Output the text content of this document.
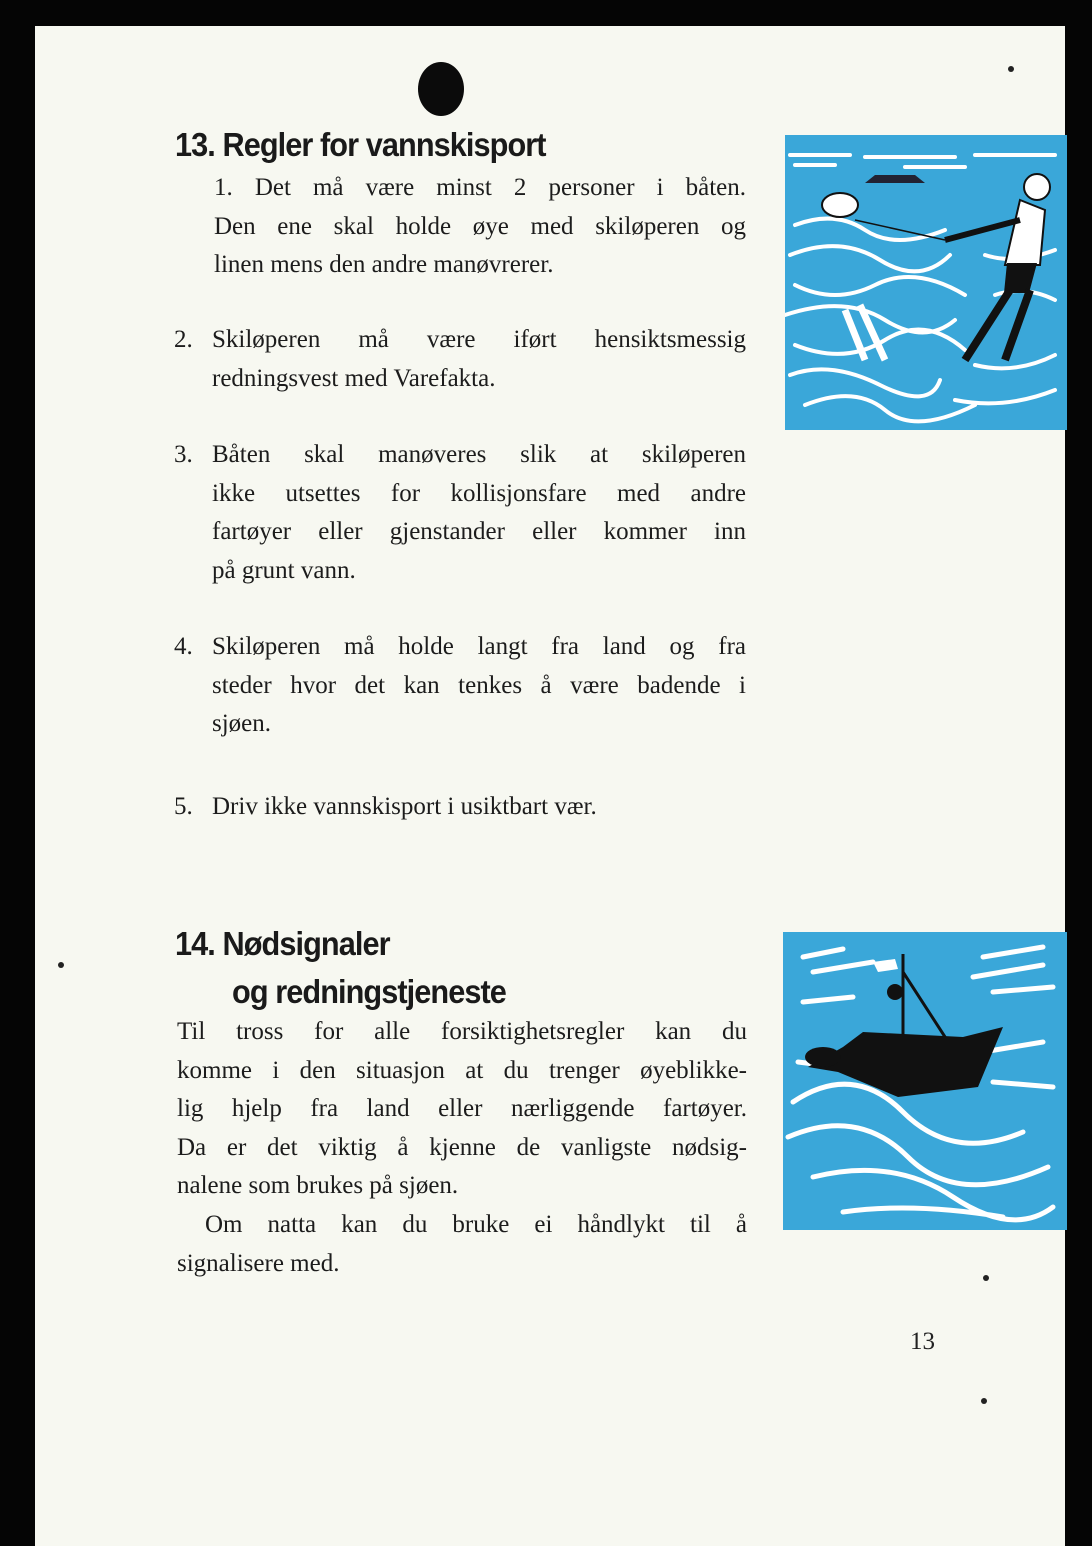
13. Regler for vannskisport
1. Det må være minst 2 personer i båten.
Den ene skal holde øye med skiløperen og
linen mens den andre manøvrerer.
2. Skiløperen må være iført hensiktsmessig
redningsvest med Varefakta.
3. Båten skal manøveres slik at skiløperen
ikke utsettes for kollisjonsfare med andre
fartøyer eller gjenstander eller kommer inn
på grunt vann.
4. Skiløperen må holde langt fra land og fra
steder hvor det kan tenkes å være badende i
sjøen.
5. Driv ikke vannskisport i usiktbart vær.
14. Nødsignaler
og redningstjeneste
Til tross for alle forsiktighetsregler kan du
komme i den situasjon at du trenger øyeblikke-
lig hjelp fra land eller nærliggende fartøyer.
Da er det viktig å kjenne de vanligste nødsig-
nalene som brukes på sjøen.
Om natta kan du bruke ei håndlykt til å
signalisere med.
13
